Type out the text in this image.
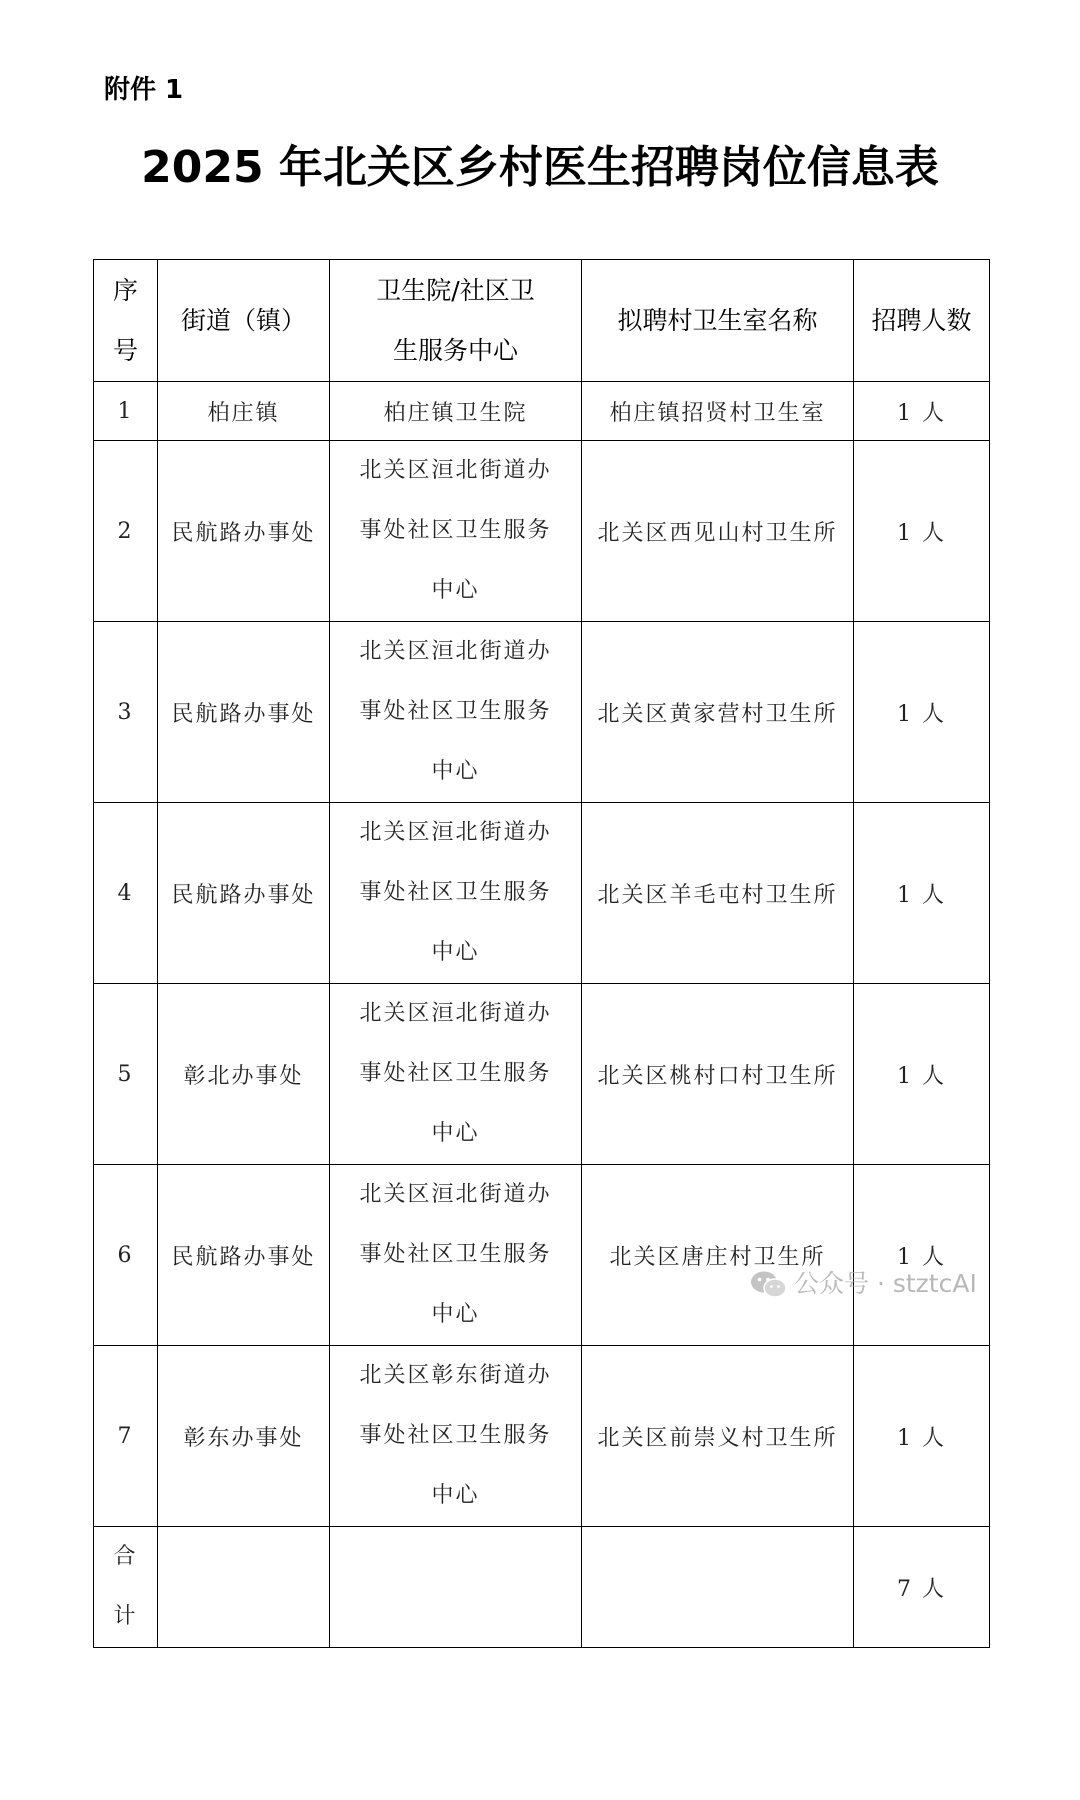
附件 1
2025 年北关区乡村医生招聘岗位信息表
序号	街道（镇）	卫生院/社区卫生服务中心	拟聘村卫生室名称	招聘人数
1	柏庄镇	柏庄镇卫生院	柏庄镇招贤村卫生室	1 人
2	民航路办事处	北关区洹北街道办事处社区卫生服务中心	北关区西见山村卫生所	1 人
3	民航路办事处	北关区洹北街道办事处社区卫生服务中心	北关区黄家营村卫生所	1 人
4	民航路办事处	北关区洹北街道办事处社区卫生服务中心	北关区羊毛屯村卫生所	1 人
5	彰北办事处	北关区洹北街道办事处社区卫生服务中心	北关区桃村口村卫生所	1 人
6	民航路办事处	北关区洹北街道办事处社区卫生服务中心	北关区唐庄村卫生所	1 人
7	彰东办事处	北关区彰东街道办事处社区卫生服务中心	北关区前崇义村卫生所	1 人
合计				7 人
公众号 · stztcAI
